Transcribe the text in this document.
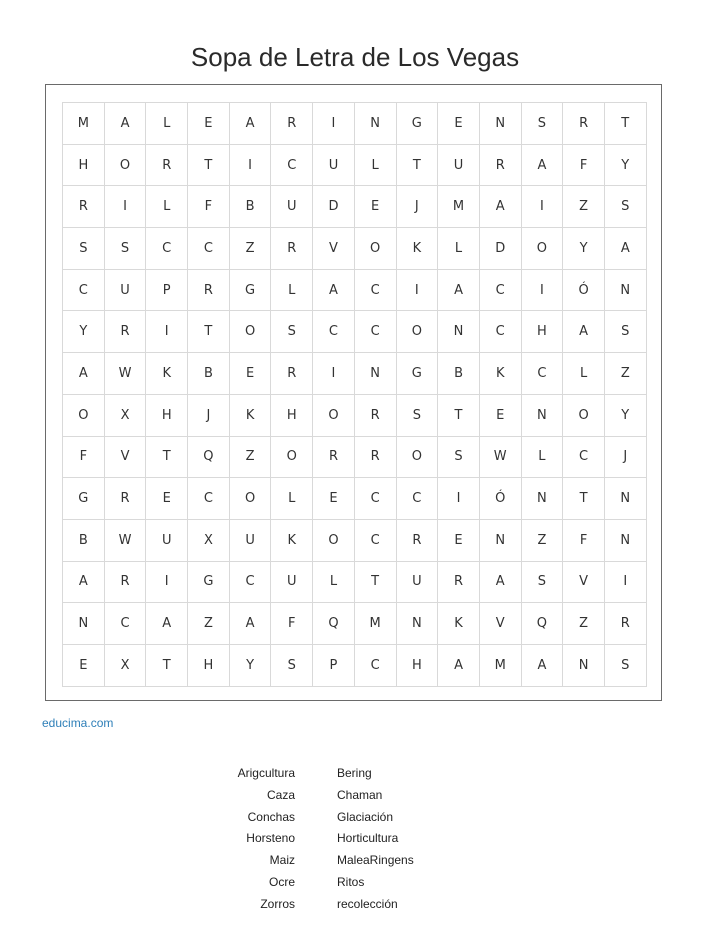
Sopa de Letra de Los Vegas
M	A	L	E	A	R	I	N	G	E	N	S	R	T
H	O	R	T	I	C	U	L	T	U	R	A	F	Y
R	I	L	F	B	U	D	E	J	M	A	I	Z	S
S	S	C	C	Z	R	V	O	K	L	D	O	Y	A
C	U	P	R	G	L	A	C	I	A	C	I	Ó	N
Y	R	I	T	O	S	C	C	O	N	C	H	A	S
A	W	K	B	E	R	I	N	G	B	K	C	L	Z
O	X	H	J	K	H	O	R	S	T	E	N	O	Y
F	V	T	Q	Z	O	R	R	O	S	W	L	C	J
G	R	E	C	O	L	E	C	C	I	Ó	N	T	N
B	W	U	X	U	K	O	C	R	E	N	Z	F	N
A	R	I	G	C	U	L	T	U	R	A	S	V	I
N	C	A	Z	A	F	Q	M	N	K	V	Q	Z	R
E	X	T	H	Y	S	P	C	H	A	M	A	N	S
educima.com
Arigcultura
Caza
Conchas
Horsteno
Maiz
Ocre
Zorros
Bering
Chaman
Glaciación
Horticultura
MaleaRingens
Ritos
recolección
